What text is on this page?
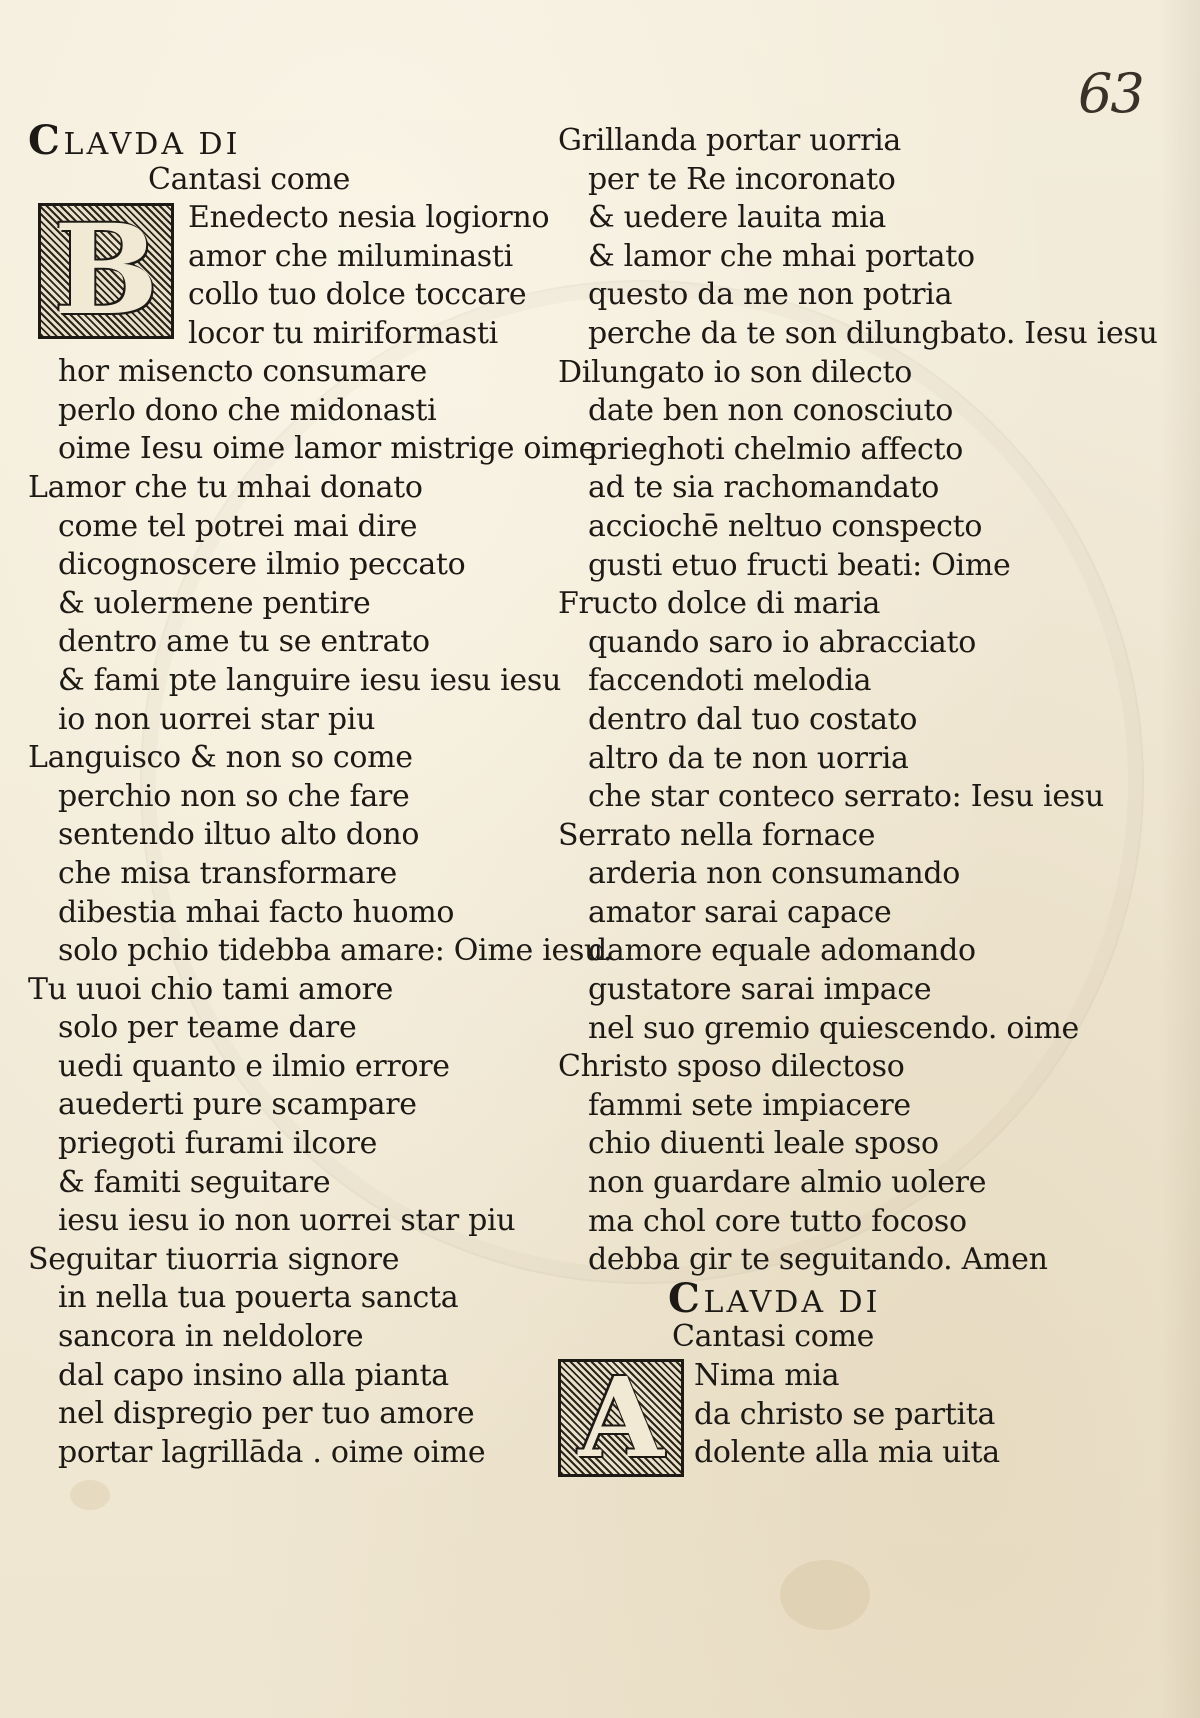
63
Ⅽ LAVDA DI
Cantasi come
B Enedecto nesia logiorno
amor che miluminasti
collo tuo dolce toccare
locor tu miriformasti
hor misencto consumare
perlo dono che midonasti
oime Iesu oime lamor mistrige oime
Lamor che tu mhai donato
come tel potrei mai dire
dicognoscere ilmio peccato
& uolermene pentire
dentro ame tu se entrato
& fami pte languire iesu iesu iesu
io non uorrei star piu
Languisco & non so come
perchio non so che fare
sentendo iltuo alto dono
che misa transformare
dibestia mhai facto huomo
solo pchio tidebba amare: Oime iesu.
Tu uuoi chio tami amore
solo per teame dare
uedi quanto e ilmio errore
auederti pure scampare
priegoti furami ilcore
& famiti seguitare
iesu iesu io non uorrei star piu
Seguitar tiuorria signore
in nella tua pouerta sancta
sancora in neldolore
dal capo insino alla pianta
nel dispregio per tuo amore
portar lagrillāda . oime oime
Grillanda portar uorria
per te Re incoronato
& uedere lauita mia
& lamor che mhai portato
questo da me non potria
perche da te son dilungbato. Iesu iesu
Dilungato io son dilecto
date ben non conosciuto
prieghoti chelmio affecto
ad te sia rachomandato
acciochē neltuo conspecto
gusti etuo fructi beati: Oime
Fructo dolce di maria
quando saro io abracciato
faccendoti melodia
dentro dal tuo costato
altro da te non uorria
che star conteco serrato: Iesu iesu
Serrato nella fornace
arderia non consumando
amator sarai capace
damore equale adomando
gustatore sarai impace
nel suo gremio quiescendo. oime
Christo sposo dilectoso
fammi sete impiacere
chio diuenti leale sposo
non guardare almio uolere
ma chol core tutto focoso
debba gir te seguitando. Amen
Ⅽ LAVDA DI
Cantasi come
A Nima mia
da christo se partita
dolente alla mia uita
